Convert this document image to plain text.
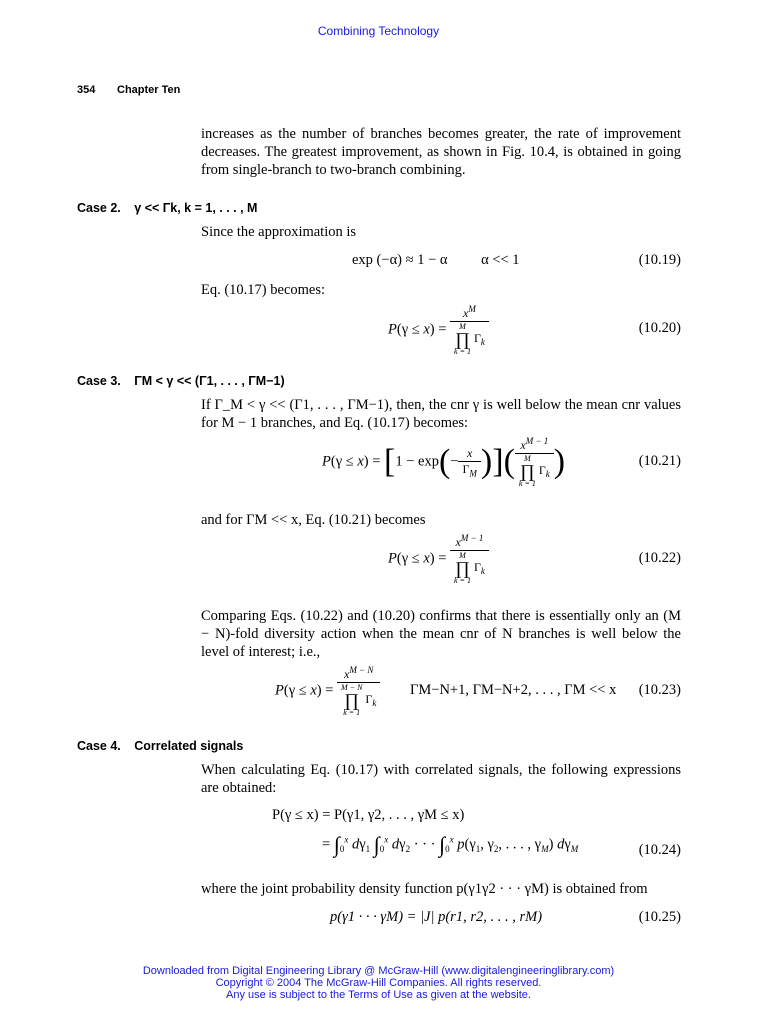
Combining Technology
354 Chapter Ten
increases as the number of branches becomes greater, the rate of improvement decreases. The greatest improvement, as shown in Fig. 10.4, is obtained in going from single-branch to two-branch combining.
Case 2. γ << Γk, k = 1, . . . , M
Since the approximation is
exp (−α) ≈ 1 − α α << 1	(10.19)
Eq. (10.17) becomes:
$P(\gamma \le x) = x^M$
M
∏
k = 1
$\Gamma_k$	(10.20)
Case 3. ΓM < γ << (Γ1, . . . , ΓM−1)
If Γ_M < γ << (Γ1, . . . , ΓM−1), then, the cnr γ is well below the mean cnr values for M − 1 branches, and Eq. (10.17) becomes:
$P(\gamma \le x) = [1 - \exp(- \frac{x}{\Gamma_M}$ )]( $x^{M - 1}$
M
∏
k = 1
$\Gamma_k$ )	(10.21)
and for ΓM << x, Eq. (10.21) becomes
$P(\gamma \le x) = x^{M - 1}$
M
∏
k = 1
$\Gamma_k$	(10.22)
Comparing Eqs. (10.22) and (10.20) confirms that there is essentially only an (M − N)-fold diversity action when the mean cnr of N branches is well below the level of interest; i.e.,
$P(\gamma \le x) = x^{M - N}$
M − N
∏
k = 1
$\Gamma_k$ ΓM−N+1, ΓM−N+2, . . . , ΓM << x (10.23)
Case 4. Correlated signals
When calculating Eq. (10.17) with correlated signals, the following expressions are obtained:
P(γ ≤ x) = P(γ1, γ2, . . . , γM ≤ x)
= $\int_0^x$ $d\gamma_1$ $\int_0^x$ $d\gamma_2$ · · · $\int_0^x$ $p(\gamma_1$, $\gamma_2$, . . . , $\gamma_M$) $d\gamma_M$	(10.24)
where the joint probability density function p(γ1γ2 · · · γM) is obtained from
p(γ1 · · · γM) = |J| p(r1, r2, . . . , rM)	(10.25)
Downloaded from Digital Engineering Library @ McGraw-Hill (www.digitalengineeringlibrary.com)
Copyright © 2004 The McGraw-Hill Companies. All rights reserved.
Any use is subject to the Terms of Use as given at the website.
